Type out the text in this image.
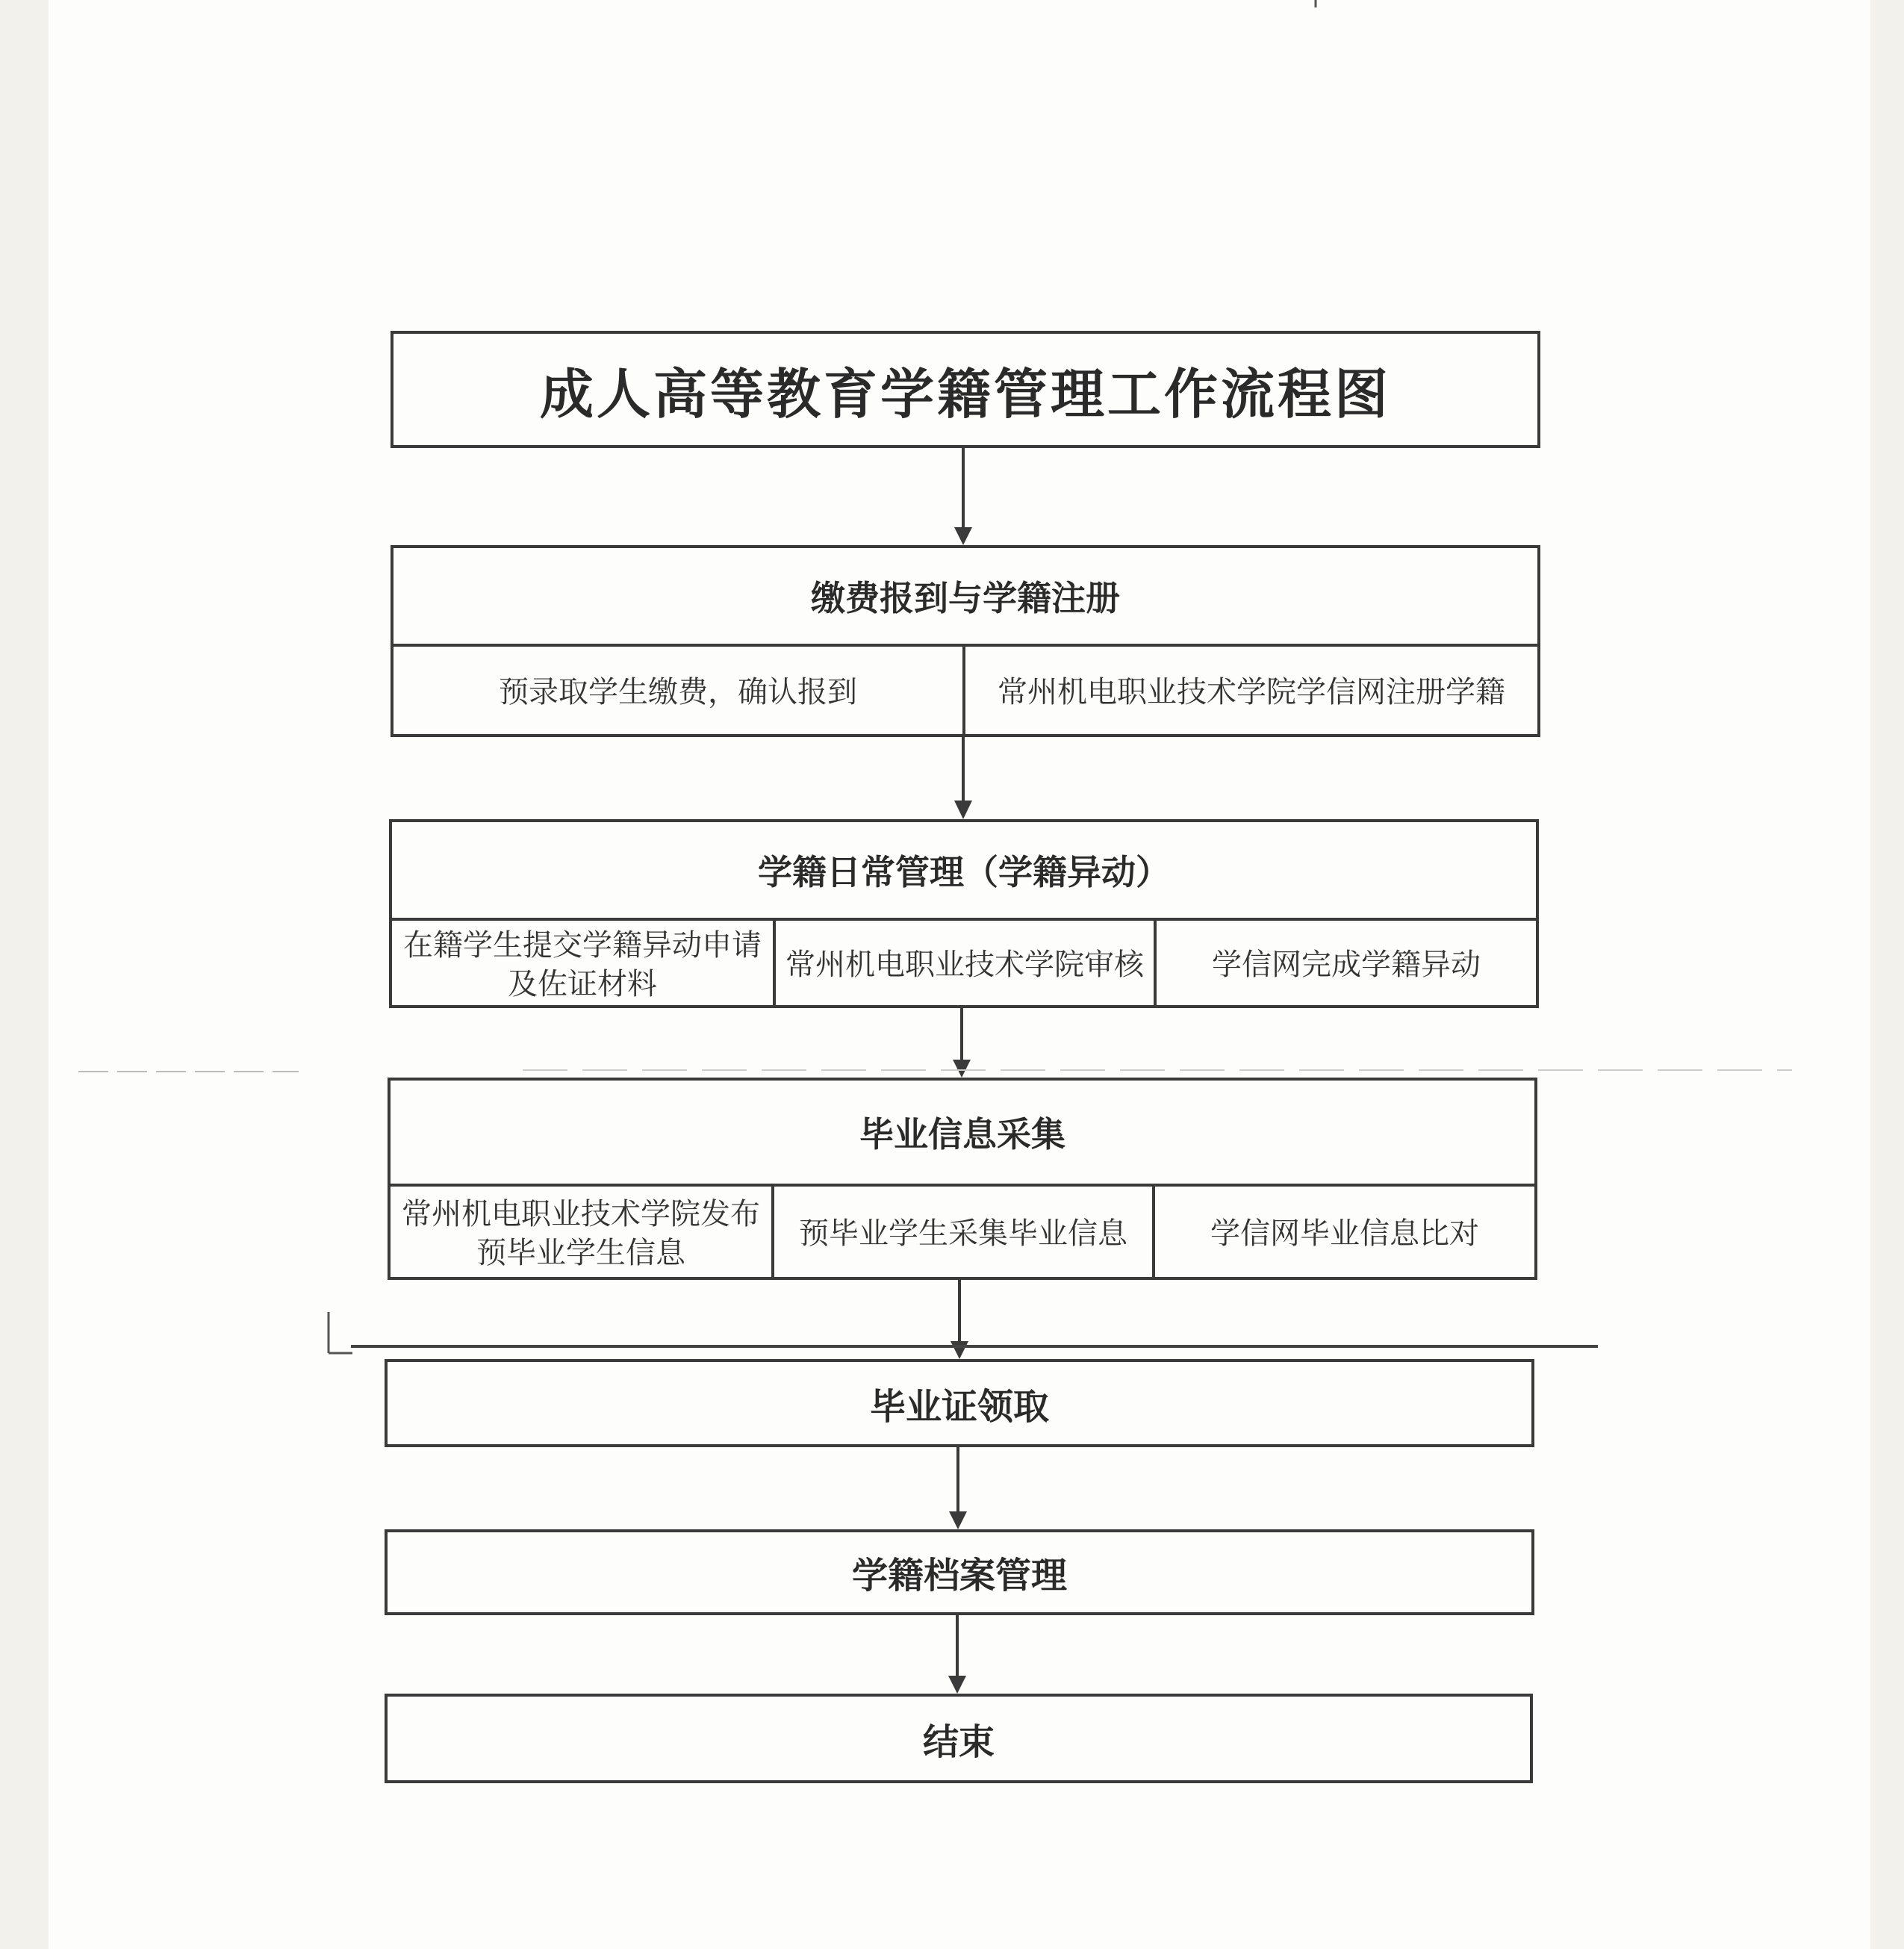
成人高等教育学籍管理工作流程图
缴费报到与学籍注册
预录取学生缴费，确认报到	常州机电职业技术学院学信网注册学籍
学籍日常管理（学籍异动）
在籍学生提交学籍异动申请及佐证材料
常州机电职业技术学院审核	学信网完成学籍异动
毕业信息采集
常州机电职业技术学院发布预毕业学生信息
预毕业学生采集毕业信息	学信网毕业信息比对
毕业证领取
学籍档案管理
结束
